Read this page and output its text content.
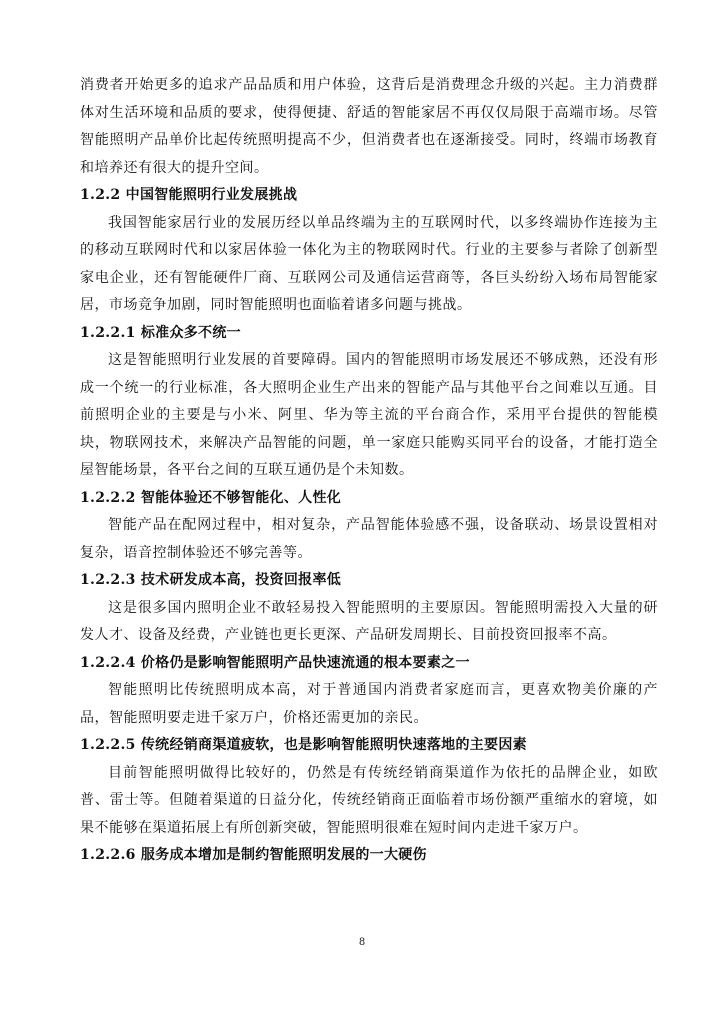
消费者开始更多的追求产品品质和用户体验，这背后是消费理念升级的兴起。主力消费群体对生活环境和品质的要求，使得便捷、舒适的智能家居不再仅仅局限于高端市场。尽管智能照明产品单价比起传统照明提高不少，但消费者也在逐渐接受。同时，终端市场教育和培养还有很大的提升空间。

1.2.2 中国智能照明行业发展挑战

我国智能家居行业的发展历经以单品终端为主的互联网时代，以多终端协作连接为主的移动互联网时代和以家居体验一体化为主的物联网时代。行业的主要参与者除了创新型家电企业，还有智能硬件厂商、互联网公司及通信运营商等，各巨头纷纷入场布局智能家居，市场竞争加剧，同时智能照明也面临着诸多问题与挑战。

1.2.2.1 标准众多不统一

这是智能照明行业发展的首要障碍。国内的智能照明市场发展还不够成熟，还没有形成一个统一的行业标准，各大照明企业生产出来的智能产品与其他平台之间难以互通。目前照明企业的主要是与小米、阿里、华为等主流的平台商合作，采用平台提供的智能模块，物联网技术，来解决产品智能的问题，单一家庭只能购买同平台的设备，才能打造全屋智能场景，各平台之间的互联互通仍是个未知数。

1.2.2.2 智能体验还不够智能化、人性化

智能产品在配网过程中，相对复杂，产品智能体验感不强，设备联动、场景设置相对复杂，语音控制体验还不够完善等。

1.2.2.3 技术研发成本高，投资回报率低

这是很多国内照明企业不敢轻易投入智能照明的主要原因。智能照明需投入大量的研发人才、设备及经费，产业链也更长更深、产品研发周期长、目前投资回报率不高。

1.2.2.4 价格仍是影响智能照明产品快速流通的根本要素之一

智能照明比传统照明成本高，对于普通国内消费者家庭而言，更喜欢物美价廉的产品，智能照明要走进千家万户，价格还需更加的亲民。

1.2.2.5 传统经销商渠道疲软，也是影响智能照明快速落地的主要因素

目前智能照明做得比较好的，仍然是有传统经销商渠道作为依托的品牌企业，如欧普、雷士等。但随着渠道的日益分化，传统经销商正面临着市场份额严重缩水的窘境，如果不能够在渠道拓展上有所创新突破，智能照明很难在短时间内走进千家万户。

1.2.2.6 服务成本增加是制约智能照明发展的一大硬伤
8
